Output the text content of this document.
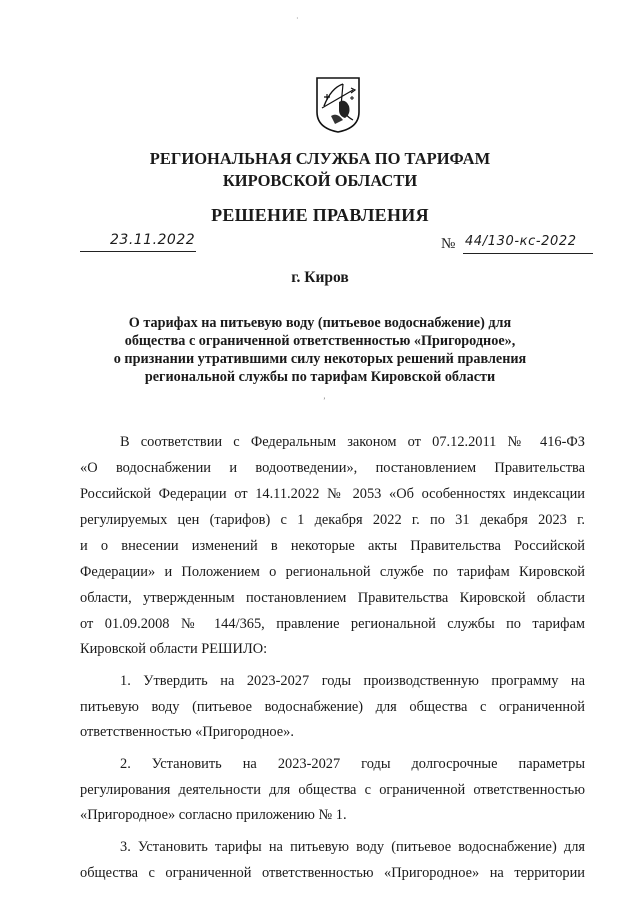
·
РЕГИОНАЛЬНАЯ СЛУЖБА ПО ТАРИФАМ
КИРОВСКОЙ ОБЛАСТИ
РЕШЕНИЕ ПРАВЛЕНИЯ
23.11.2022	№ 44/130-кс-2022
г. Киров
О тарифах на питьевую воду (питьевое водоснабжение) для
общества с ограниченной ответственностью «Пригородное»,
о признании утратившими силу некоторых решений правления
региональной службы по тарифам Кировской области
’
В соответствии с Федеральным законом от 07.12.2011 № 416-ФЗ
«О водоснабжении и водоотведении», постановлением Правительства
Российской Федерации от 14.11.2022 № 2053 «Об особенностях индексации
регулируемых цен (тарифов) с 1 декабря 2022 г. по 31 декабря 2023 г.
и о внесении изменений в некоторые акты Правительства Российской
Федерации» и Положением о региональной службе по тарифам Кировской
области, утвержденным постановлением Правительства Кировской области
от 01.09.2008 № 144/365, правление региональной службы по тарифам
Кировской области РЕШИЛО:
1. Утвердить на 2023-2027 годы производственную программу на
питьевую воду (питьевое водоснабжение) для общества с ограниченной
ответственностью «Пригородное».
2. Установить на 2023-2027 годы долгосрочные параметры
регулирования деятельности для общества с ограниченной ответственностью
«Пригородное» согласно приложению № 1.
3. Установить тарифы на питьевую воду (питьевое водоснабжение) для
общества с ограниченной ответственностью «Пригородное» на территории
